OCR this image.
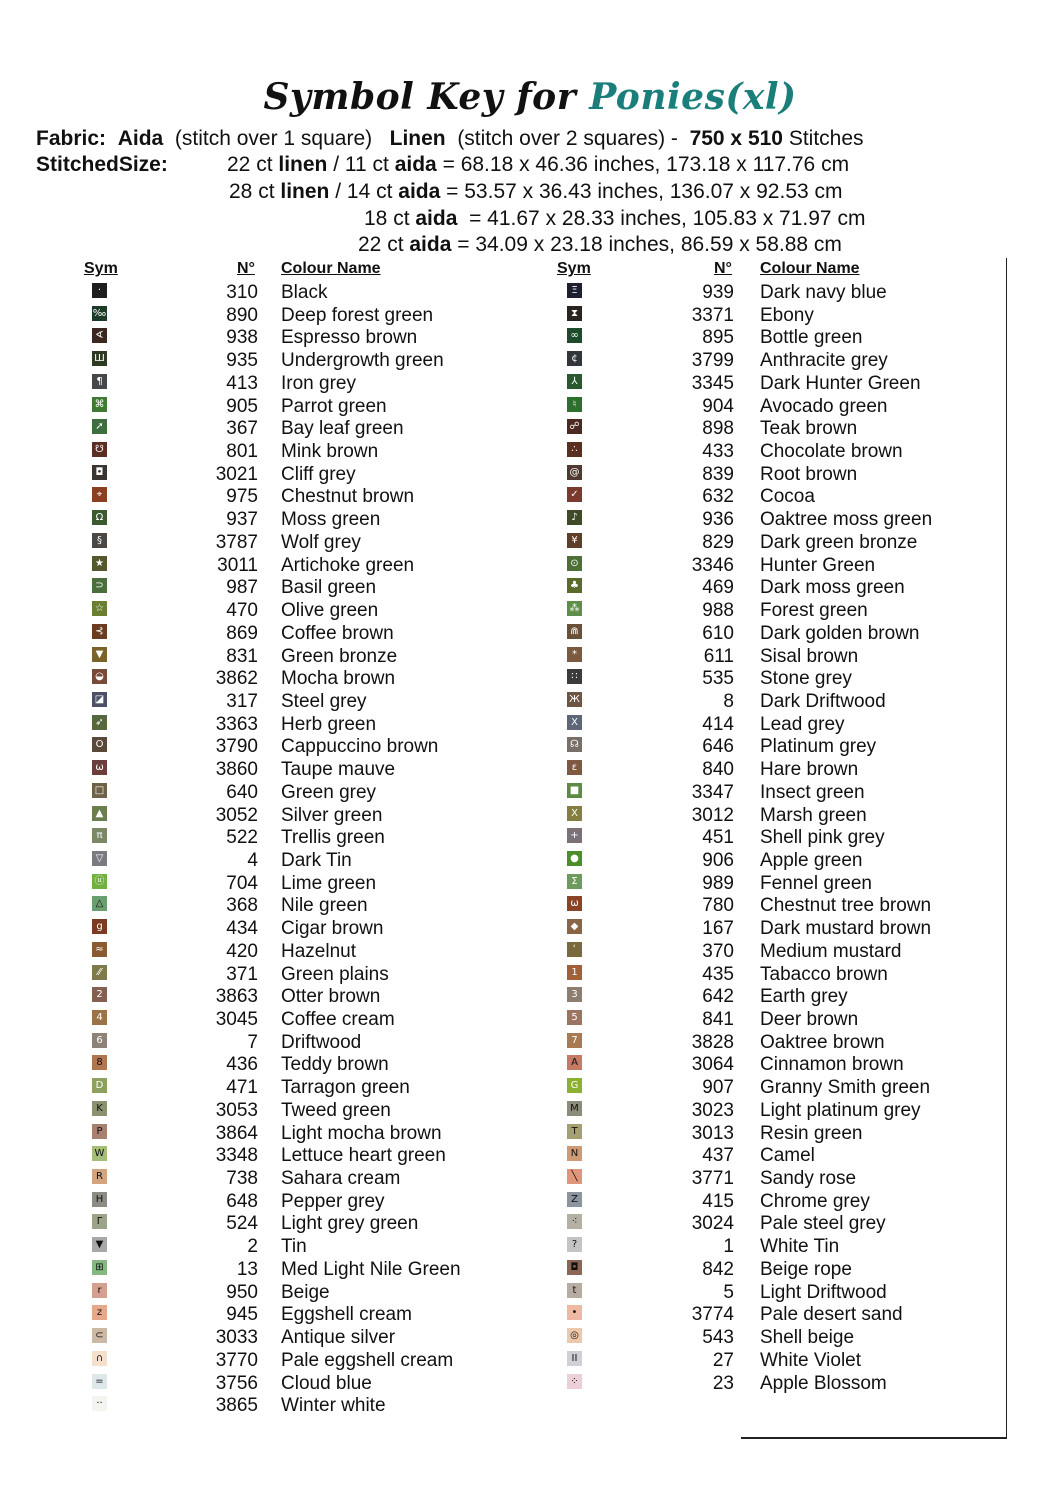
Symbol Key for Ponies(xl)
Fabric: Aida (stitch over 1 square) Linen (stitch over 2 squares) - 750 x 510 Stitches
StitchedSize:	22 ct linen / 11 ct aida = 68.18 x 46.36 inches, 173.18 x 117.76 cm
28 ct linen / 14 ct aida = 53.57 x 36.43 inches, 136.07 x 92.53 cm
18 ct aida  = 41.67 x 28.33 inches, 105.83 x 71.97 cm
22 ct aida = 34.09 x 23.18 inches, 86.59 x 58.88 cm
Sym	N°	Colour Name
·	310 Black
‰	890 Deep forest green
∢	938 Espresso brown
Ш	935 Undergrowth green
¶	413 Iron grey
⌘	905 Parrot green
➚	367 Bay leaf green
☋	801 Mink brown
◘	3021 Cliff grey
⌖	975 Chestnut brown
Ω	937 Moss green
§	3787 Wolf grey
★	3011 Artichoke green
⊃	987 Basil green
☆	470 Olive green
⊰	869 Coffee brown
▼	831 Green bronze
◒	3862 Mocha brown
◪	317 Steel grey
➶	3363 Herb green
O	3790 Cappuccino brown
ω	3860 Taupe mauve
□	640 Green grey
▲	3052 Silver green
π	522 Trellis green
▽	4 Dark Tin
ⓤ	704 Lime green
△	368 Nile green
g	434 Cigar brown
≈	420 Hazelnut
⁄⁄	371 Green plains
2	3863 Otter brown
4	3045 Coffee cream
6	7 Driftwood
8	436 Teddy brown
D	471 Tarragon green
K	3053 Tweed green
P	3864 Light mocha brown
W	3348 Lettuce heart green
R	738 Sahara cream
H	648 Pepper grey
Γ	524 Light grey green
▼	2 Tin
⊞	13 Med Light Nile Green
r	950 Beige
z	945 Eggshell cream
⊂	3033 Antique silver
∩	3770 Pale eggshell cream
=	3756 Cloud blue
··	3865 Winter white
Sym	N°	Colour Name
Ξ	939 Dark navy blue
⧗	3371 Ebony
∞	895 Bottle green
¢	3799 Anthracite grey
⅄	3345 Dark Hunter Green
♮	904 Avocado green
☍	898 Teak brown
∴	433 Chocolate brown
@	839 Root brown
✓	632 Cocoa
♪	936 Oaktree moss green
¥	829 Dark green bronze
⊙	3346 Hunter Green
♣	469 Dark moss green
⁂	988 Forest green
⋒	610 Dark golden brown
*	611 Sisal brown
∷	535 Stone grey
Ж	8 Dark Driftwood
X	414 Lead grey
☊	646 Platinum grey
ε	840 Hare brown
■	3347 Insect green
Ⅹ	3012 Marsh green
+	451 Shell pink grey
●	906 Apple green
Σ	989 Fennel green
ω	780 Chestnut tree brown
◆	167 Dark mustard brown
ʿ	370 Medium mustard
1	435 Tabacco brown
3	642 Earth grey
5	841 Deer brown
7	3828 Oaktree brown
A	3064 Cinnamon brown
G	907 Granny Smith green
M	3023 Light platinum grey
T	3013 Resin green
N	437 Camel
╲	3771 Sandy rose
Z	415 Chrome grey
⁖	3024 Pale steel grey
?	1 White Tin
◘	842 Beige rope
t	5 Light Driftwood
•	3774 Pale desert sand
◎	543 Shell beige
II	27 White Violet
⁘	23 Apple Blossom
